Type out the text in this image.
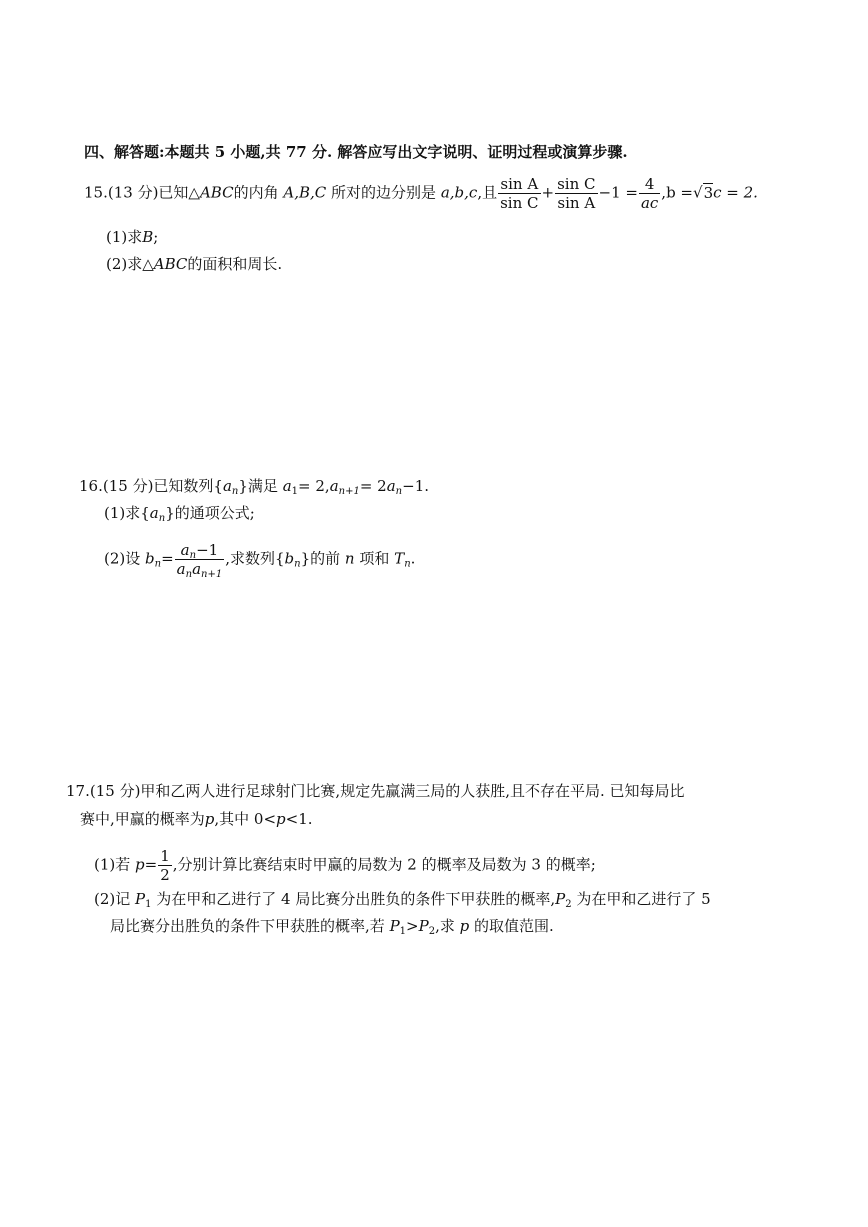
四、解答题:本题共 5 小题,共 77 分. 解答应写出文字说明、证明过程或演算步骤.
15.(13 分)已知△ABC的内角 A,B,C 所对的边分别是 a,b,c,且 $\frac{\text{sin A}}{\text{sin C}} + \frac{\text{sin C}}{\text{sin A}} -1 = \frac{4}{ac} ,b =√3c = 2$.
(1)求B;
(2)求△ABC的面积和周长.
16.(15 分)已知数列$\{a_n\}$满足 $a_1= 2,a_{n+1}= 2a_n-1$.
(1)求$\{a_n\}$的通项公式;
(2)设 $b_n= \frac{a_n-1}{a_na_{n+1}}$ ,求数列$\{b_n\}$的前 n 项和 $T_n$.
17.(15 分)甲和乙两人进行足球射门比赛,规定先赢满三局的人获胜,且不存在平局. 已知每局比
赛中,甲赢的概率为p,其中 0<p<1.
(1)若 $p= \frac{1}{2}$ ,分别计算比赛结束时甲赢的局数为 2 的概率及局数为 3 的概率;
(2)记 $P_1$ 为在甲和乙进行了 4 局比赛分出胜负的条件下甲获胜的概率$,P_2$ 为在甲和乙进行了 5
局比赛分出胜负的条件下甲获胜的概率,若 $P_1>P_2$,求 p 的取值范围.
